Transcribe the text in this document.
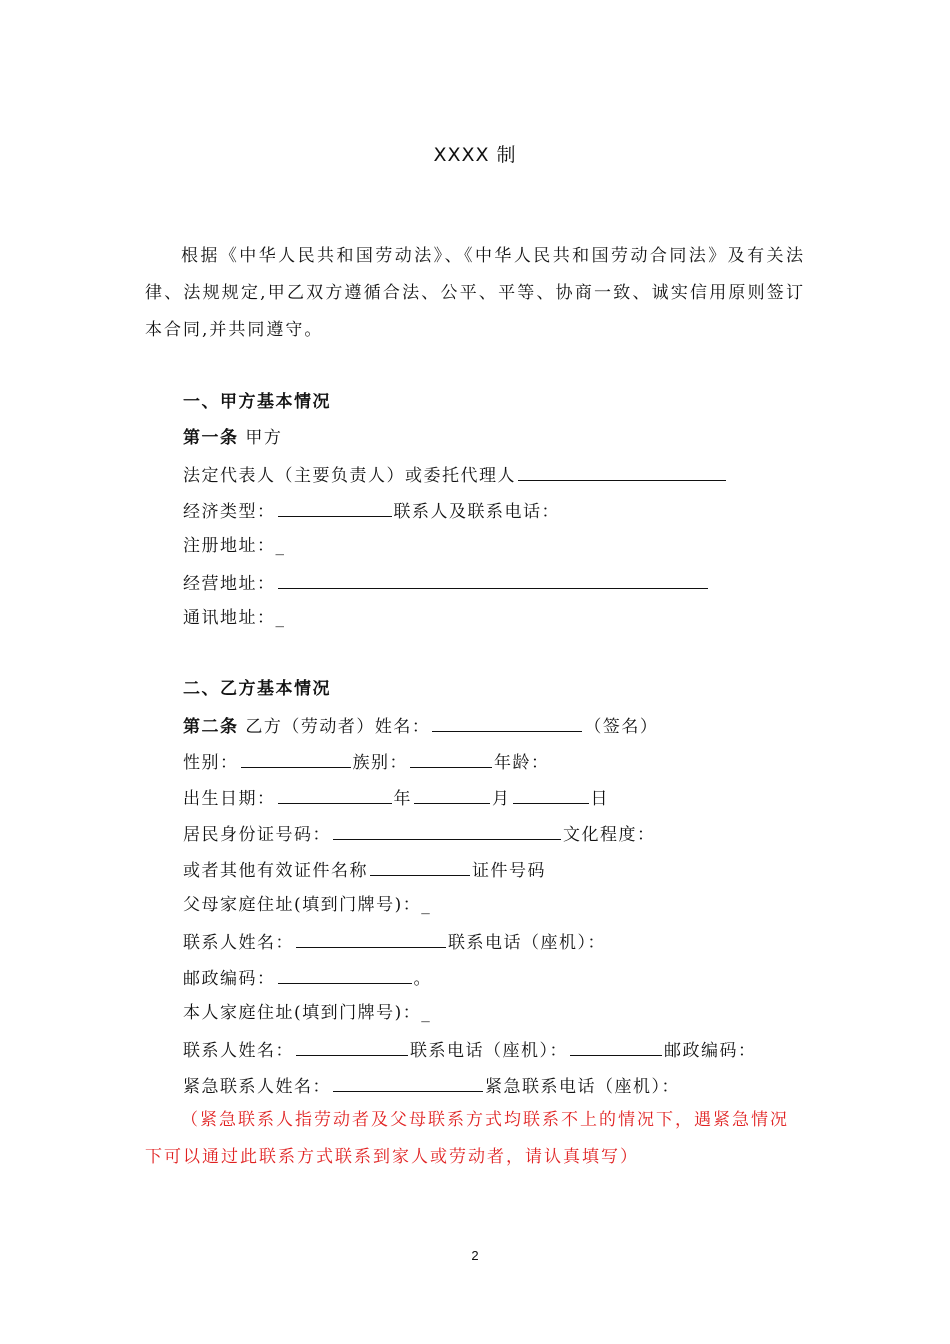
XXXX 制

根据《中华人民共和国劳动法》、《中华人民共和国劳动合同法》及有关法律、法规规定,甲乙双方遵循合法、公平、平等、协商一致、诚实信用原则签订本合同,并共同遵守。

一、甲方基本情况
第一条 甲方
法定代表人（主要负责人）或委托代理人
经济类型：	联系人及联系电话：
注册地址：_
经营地址：
通讯地址：_
二、乙方基本情况
第二条 乙方（劳动者）姓名：	（签名）
性别：	族别：	年龄：
出生日期：	年	月	日
居民身份证号码：	文化程度：
或者其他有效证件名称	证件号码
父母家庭住址(填到门牌号)：_
联系人姓名：	联系电话（座机）：
邮政编码：	。
本人家庭住址(填到门牌号)：_
联系人姓名：	联系电话（座机）：	邮政编码：
紧急联系人姓名：	紧急联系电话（座机）：

（紧急联系人指劳动者及父母联系方式均联系不上的情况下，遇紧急情况下可以通过此联系方式联系到家人或劳动者，请认真填写）

2
